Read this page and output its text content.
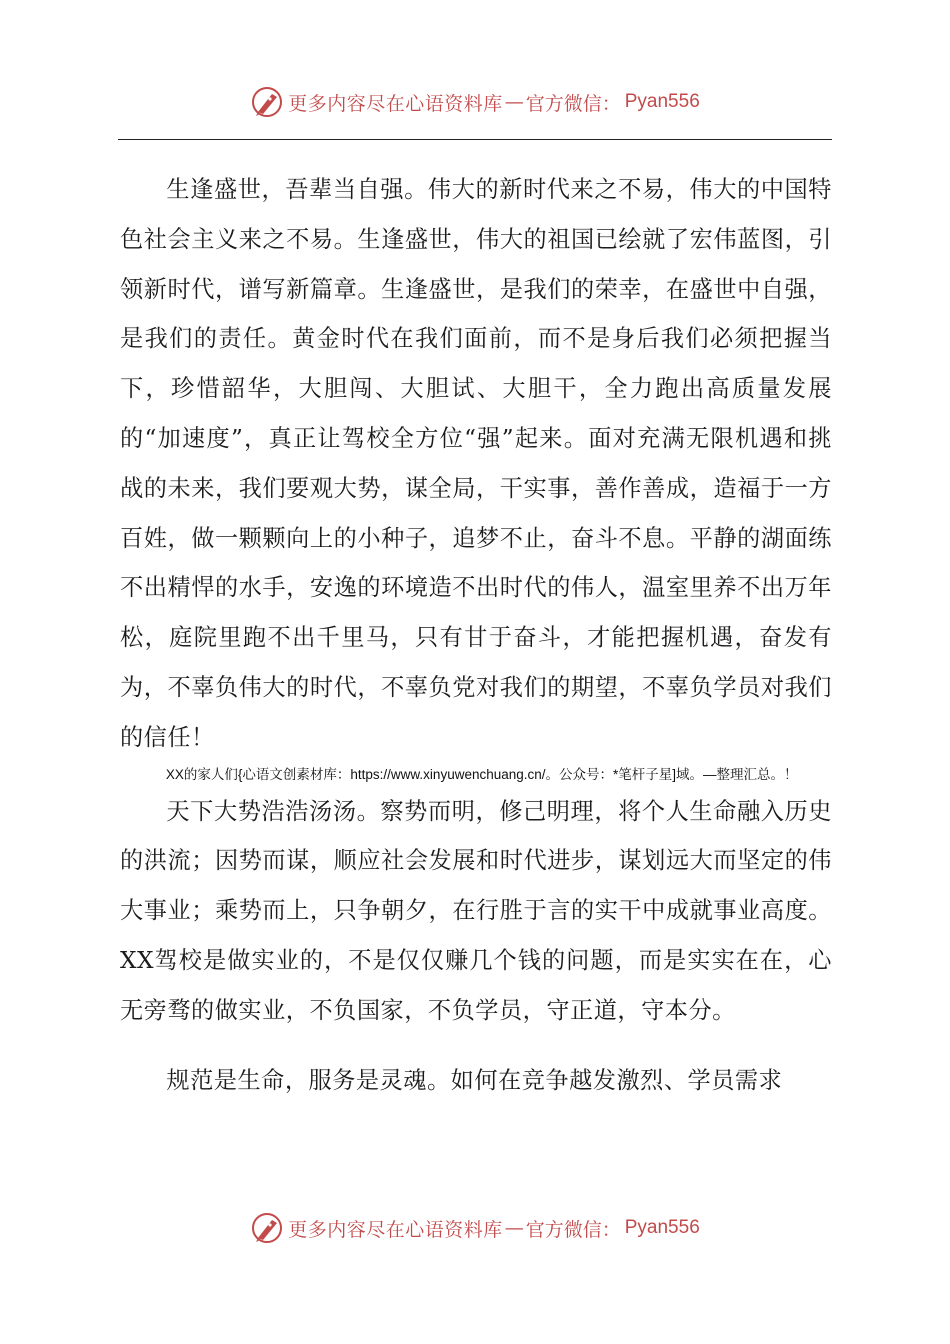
更多内容尽在心语资料库 — 官方微信： Pyan556

生逢盛世，吾辈当自强。伟大的新时代来之不易，伟大的中国特色社会主义来之不易。生逢盛世，伟大的祖国已绘就了宏伟蓝图，引领新时代，谱写新篇章。生逢盛世，是我们的荣幸，在盛世中自强，是我们的责任。黄金时代在我们面前，而不是身后我们必须把握当下，珍惜韶华，大胆闯、大胆试、大胆干，全力跑出高质量发展的“加速度”，真正让驾校全方位“强”起来。面对充满无限机遇和挑战的未来，我们要观大势，谋全局，干实事，善作善成，造福于一方百姓，做一颗颗向上的小种子，追梦不止，奋斗不息。平静的湖面练不出精悍的水手，安逸的环境造不出时代的伟人，温室里养不出万年松，庭院里跑不出千里马，只有甘于奋斗，才能把握机遇，奋发有为，不辜负伟大的时代，不辜负党对我们的期望，不辜负学员对我们的信任！

XX的家人们{心语文创素材库：https://www.xinyuwenchuang.cn/。公众号：*笔杆子星]域。—整理汇总。！

天下大势浩浩汤汤。察势而明，修己明理，将个人生命融入历史的洪流；因势而谋，顺应社会发展和时代进步，谋划远大而坚定的伟大事业；乘势而上，只争朝夕，在行胜于言的实干中成就事业高度。XX驾校是做实业的，不是仅仅赚几个钱的问题，而是实实在在，心无旁骛的做实业，不负国家，不负学员，守正道，守本分。

规范是生命，服务是灵魂。如何在竞争越发激烈、学员需求

更多内容尽在心语资料库 — 官方微信： Pyan556
